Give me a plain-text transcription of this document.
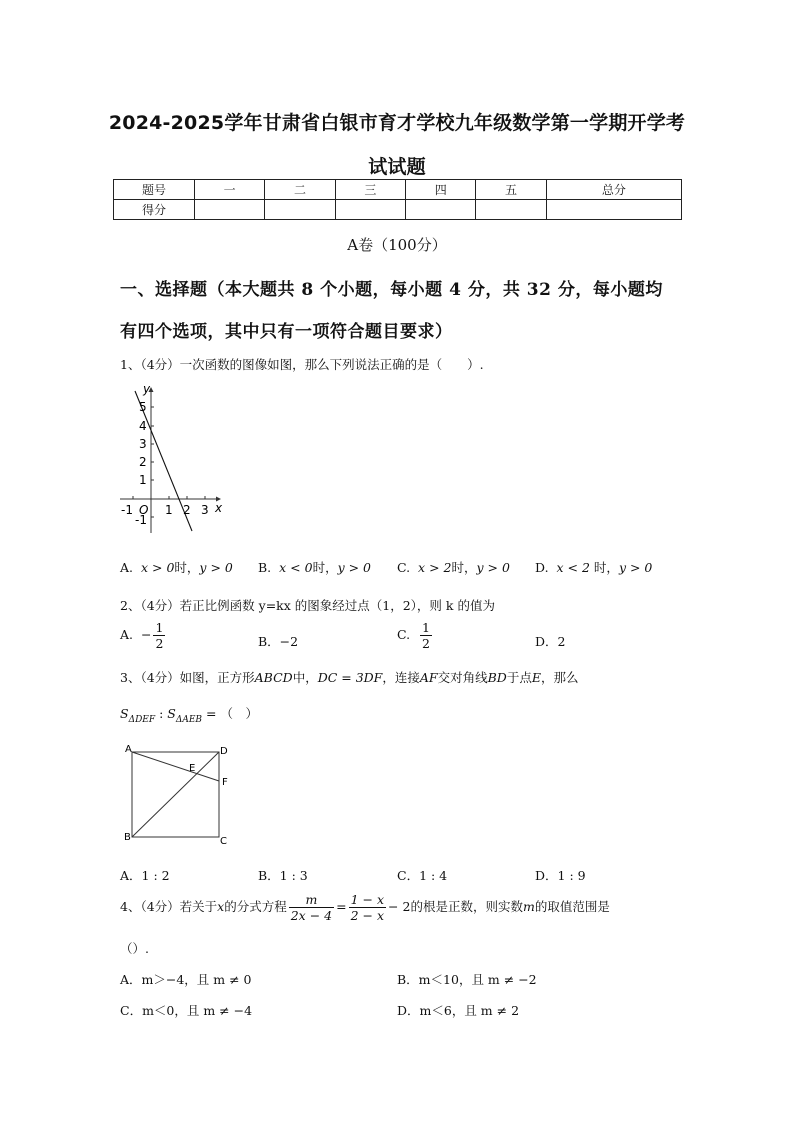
2024-2025学年甘肃省白银市育才学校九年级数学第一学期开学考
试试题
题号	一	二	三	四	五	总分
得分						
A卷（100分）
一、选择题（本大题共 8 个小题，每小题 4 分，共 32 分，每小题均
有四个选项，其中只有一项符合题目要求）
1、（4分）一次函数的图像如图，那么下列说法正确的是（　　）.
y
5
4
3
2
1
-1
-1 O 1 2 3 x
A. x > 0时，y > 0 B. x < 0时，y > 0 C. x > 2时，y > 0 D. x < 2 时，y > 0
2、（4分）若正比例函数 y=kx 的图象经过点（1，2），则 k 的值为
A. − $\frac{1}{2}$	B．−2	C. $\frac{1}{2}$	D．2
3、（4分）如图，正方形ABCD中，DC = 3DF，连接AF交对角线BD于点E，那么
$S_{\Delta DEF}$ : $S_{\Delta AEB}$ = （　）
A	D
B	C
E
F
A．1 : 2	B．1 : 3	C．1 : 4	D．1 : 9
4、（4分）若关于x的分式方程 $\frac{m}{2x - 4} = \frac{1 - x}{2 - x} - 2$的根是正数，则实数m的取值范围是
（）.
A．m＞−4，且 m ≠ 0	B．m＜10，且 m ≠ −2
C．m＜0，且 m ≠ −4	D．m＜6，且 m ≠ 2
